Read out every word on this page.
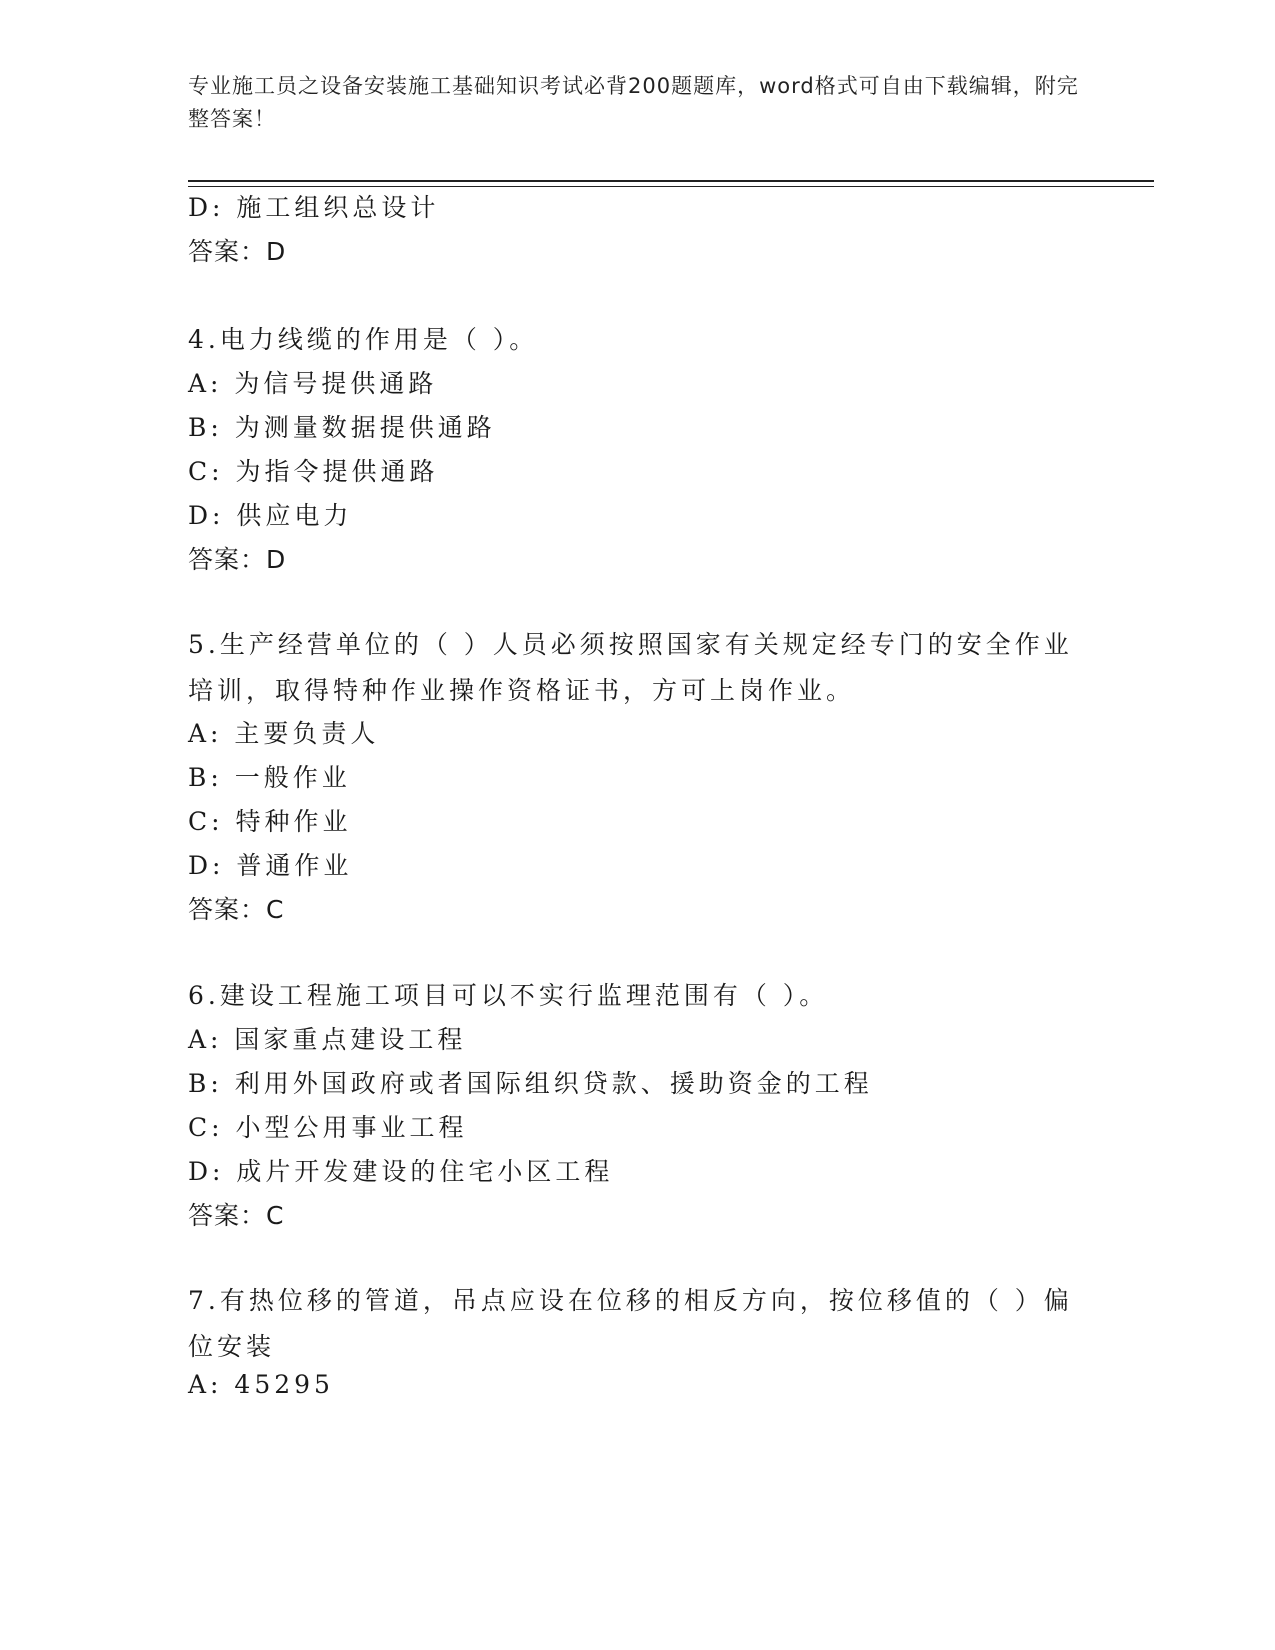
专业施工员之设备安装施工基础知识考试必背200题题库，word格式可自由下载编辑，附完整答案！
D: 施工组织总设计
答案：D
4.电力线缆的作用是（ ）。
A: 为信号提供通路
B: 为测量数据提供通路
C: 为指令提供通路
D: 供应电力
答案：D
5.生产经营单位的（ ）人员必须按照国家有关规定经专门的安全作业培训，取得特种作业操作资格证书，方可上岗作业。
A: 主要负责人
B: 一般作业
C: 特种作业
D: 普通作业
答案：C
6.建设工程施工项目可以不实行监理范围有（ ）。
A: 国家重点建设工程
B: 利用外国政府或者国际组织贷款、援助资金的工程
C: 小型公用事业工程
D: 成片开发建设的住宅小区工程
答案：C
7.有热位移的管道，吊点应设在位移的相反方向，按位移值的（ ）偏位安装
A: 45295
